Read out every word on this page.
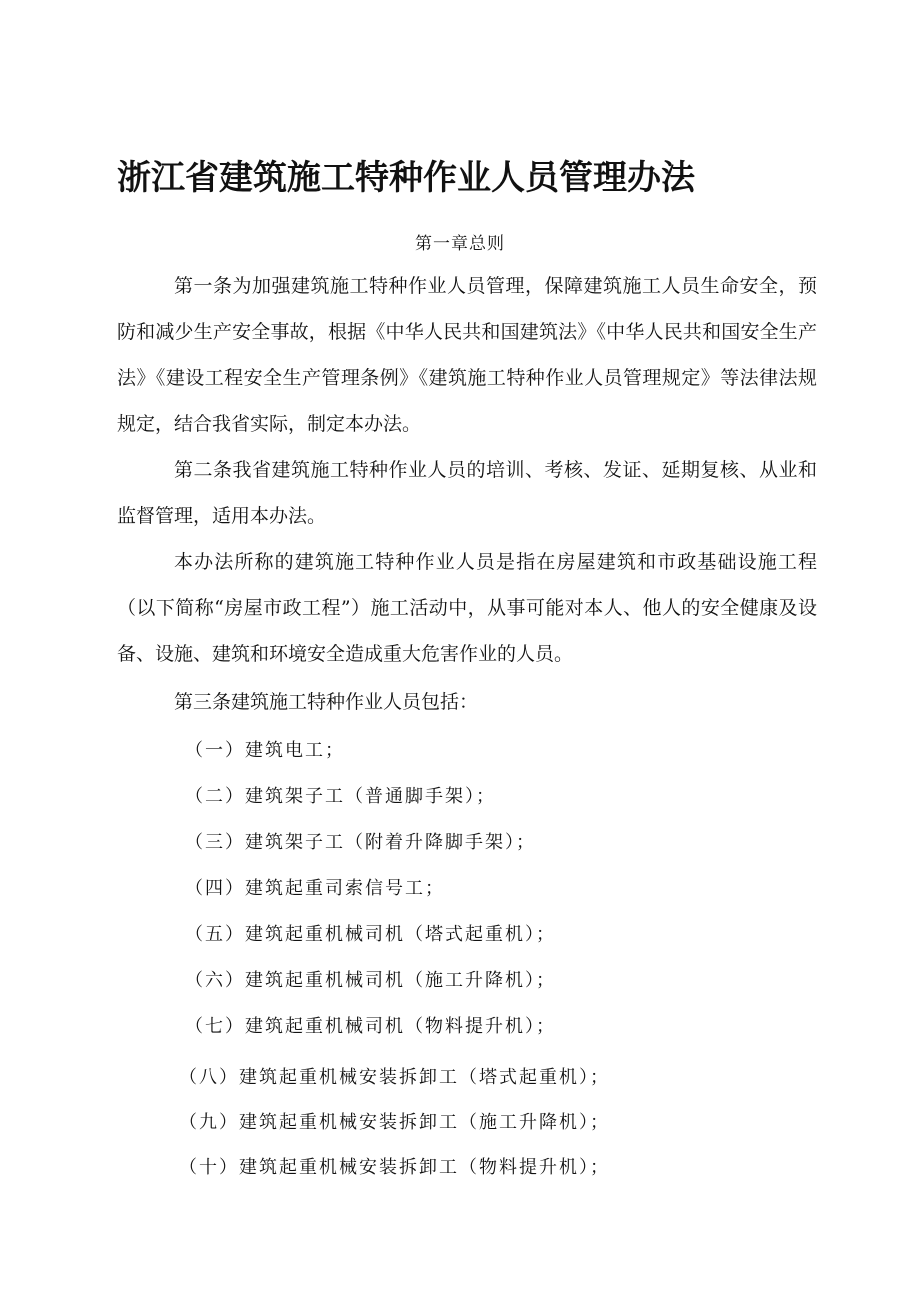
浙江省建筑施工特种作业人员管理办法
第一章总则

第一条为加强建筑施工特种作业人员管理，保障建筑施工人员生命安全，预防和减少生产安全事故，根据《中华人民共和国建筑法》《中华人民共和国安全生产法》《建设工程安全生产管理条例》《建筑施工特种作业人员管理规定》等法律法规规定，结合我省实际，制定本办法。

第二条我省建筑施工特种作业人员的培训、考核、发证、延期复核、从业和监督管理，适用本办法。

本办法所称的建筑施工特种作业人员是指在房屋建筑和市政基础设施工程（以下简称“房屋市政工程”）施工活动中，从事可能对本人、他人的安全健康及设备、设施、建筑和环境安全造成重大危害作业的人员。

第三条建筑施工特种作业人员包括：

（一）建筑电工；
（二）建筑架子工（普通脚手架）；
（三）建筑架子工（附着升降脚手架）；
（四）建筑起重司索信号工；
（五）建筑起重机械司机（塔式起重机）；
（六）建筑起重机械司机（施工升降机）；
（七）建筑起重机械司机（物料提升机）；
（八）建筑起重机械安装拆卸工（塔式起重机）；
（九）建筑起重机械安装拆卸工（施工升降机）；
（十）建筑起重机械安装拆卸工（物料提升机）；
